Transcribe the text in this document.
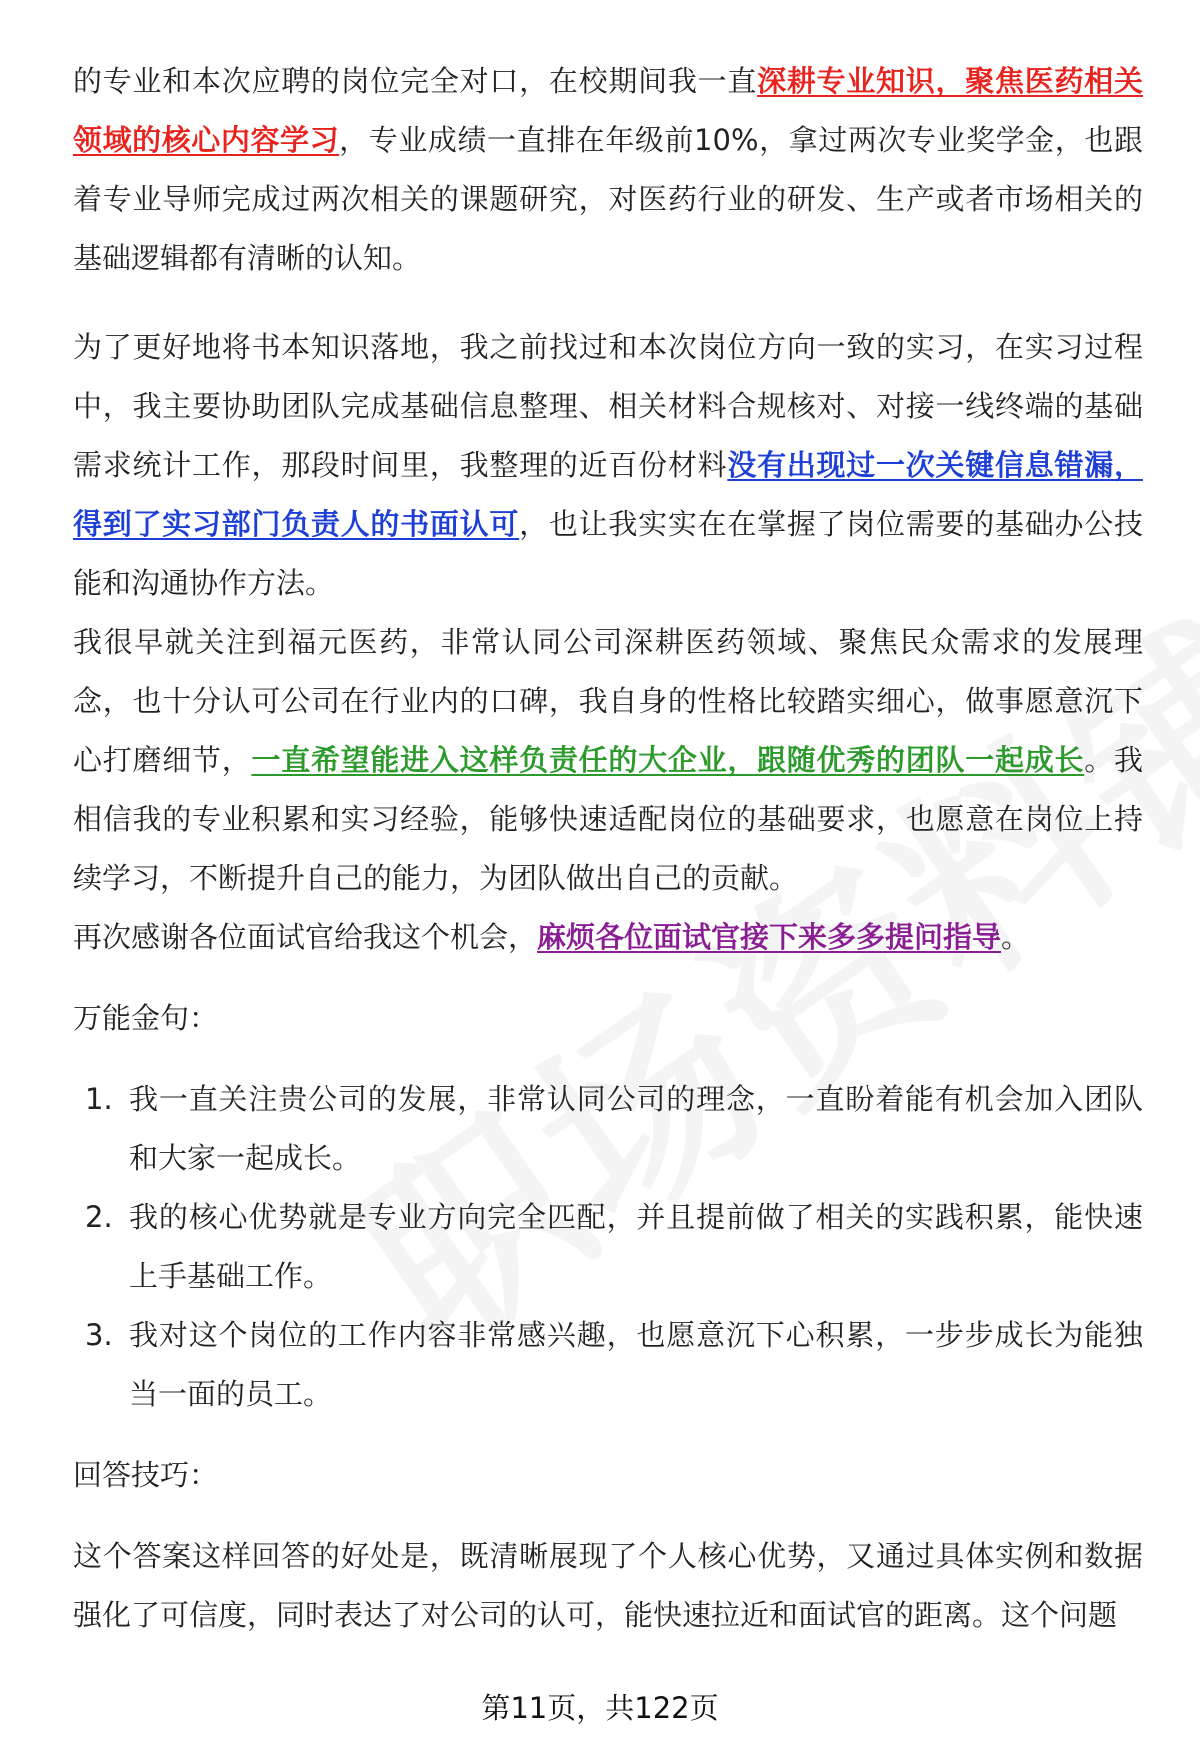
的专业和本次应聘的岗位完全对口，在校期间我一直深耕专业知识，聚焦医药相关领域的核心内容学习，专业成绩一直排在年级前10%，拿过两次专业奖学金，也跟着专业导师完成过两次相关的课题研究，对医药行业的研发、生产或者市场相关的基础逻辑都有清晰的认知。

为了更好地将书本知识落地，我之前找过和本次岗位方向一致的实习，在实习过程中，我主要协助团队完成基础信息整理、相关材料合规核对、对接一线终端的基础需求统计工作，那段时间里，我整理的近百份材料没有出现过一次关键信息错漏，得到了实习部门负责人的书面认可，也让我实实在在掌握了岗位需要的基础办公技能和沟通协作方法。

我很早就关注到福元医药，非常认同公司深耕医药领域、聚焦民众需求的发展理念，也十分认可公司在行业内的口碑，我自身的性格比较踏实细心，做事愿意沉下心打磨细节，一直希望能进入这样负责任的大企业，跟随优秀的团队一起成长。我相信我的专业积累和实习经验，能够快速适配岗位的基础要求，也愿意在岗位上持续学习，不断提升自己的能力，为团队做出自己的贡献。

再次感谢各位面试官给我这个机会，麻烦各位面试官接下来多多提问指导。

万能金句：

1. 我一直关注贵公司的发展，非常认同公司的理念，一直盼着能有机会加入团队和大家一起成长。
2. 我的核心优势就是专业方向完全匹配，并且提前做了相关的实践积累，能快速上手基础工作。
3. 我对这个岗位的工作内容非常感兴趣，也愿意沉下心积累，一步步成长为能独当一面的员工。

回答技巧：

这个答案这样回答的好处是，既清晰展现了个人核心优势，又通过具体实例和数据强化了可信度，同时表达了对公司的认可，能快速拉近和面试官的距离。这个问题

第11页，共122页
